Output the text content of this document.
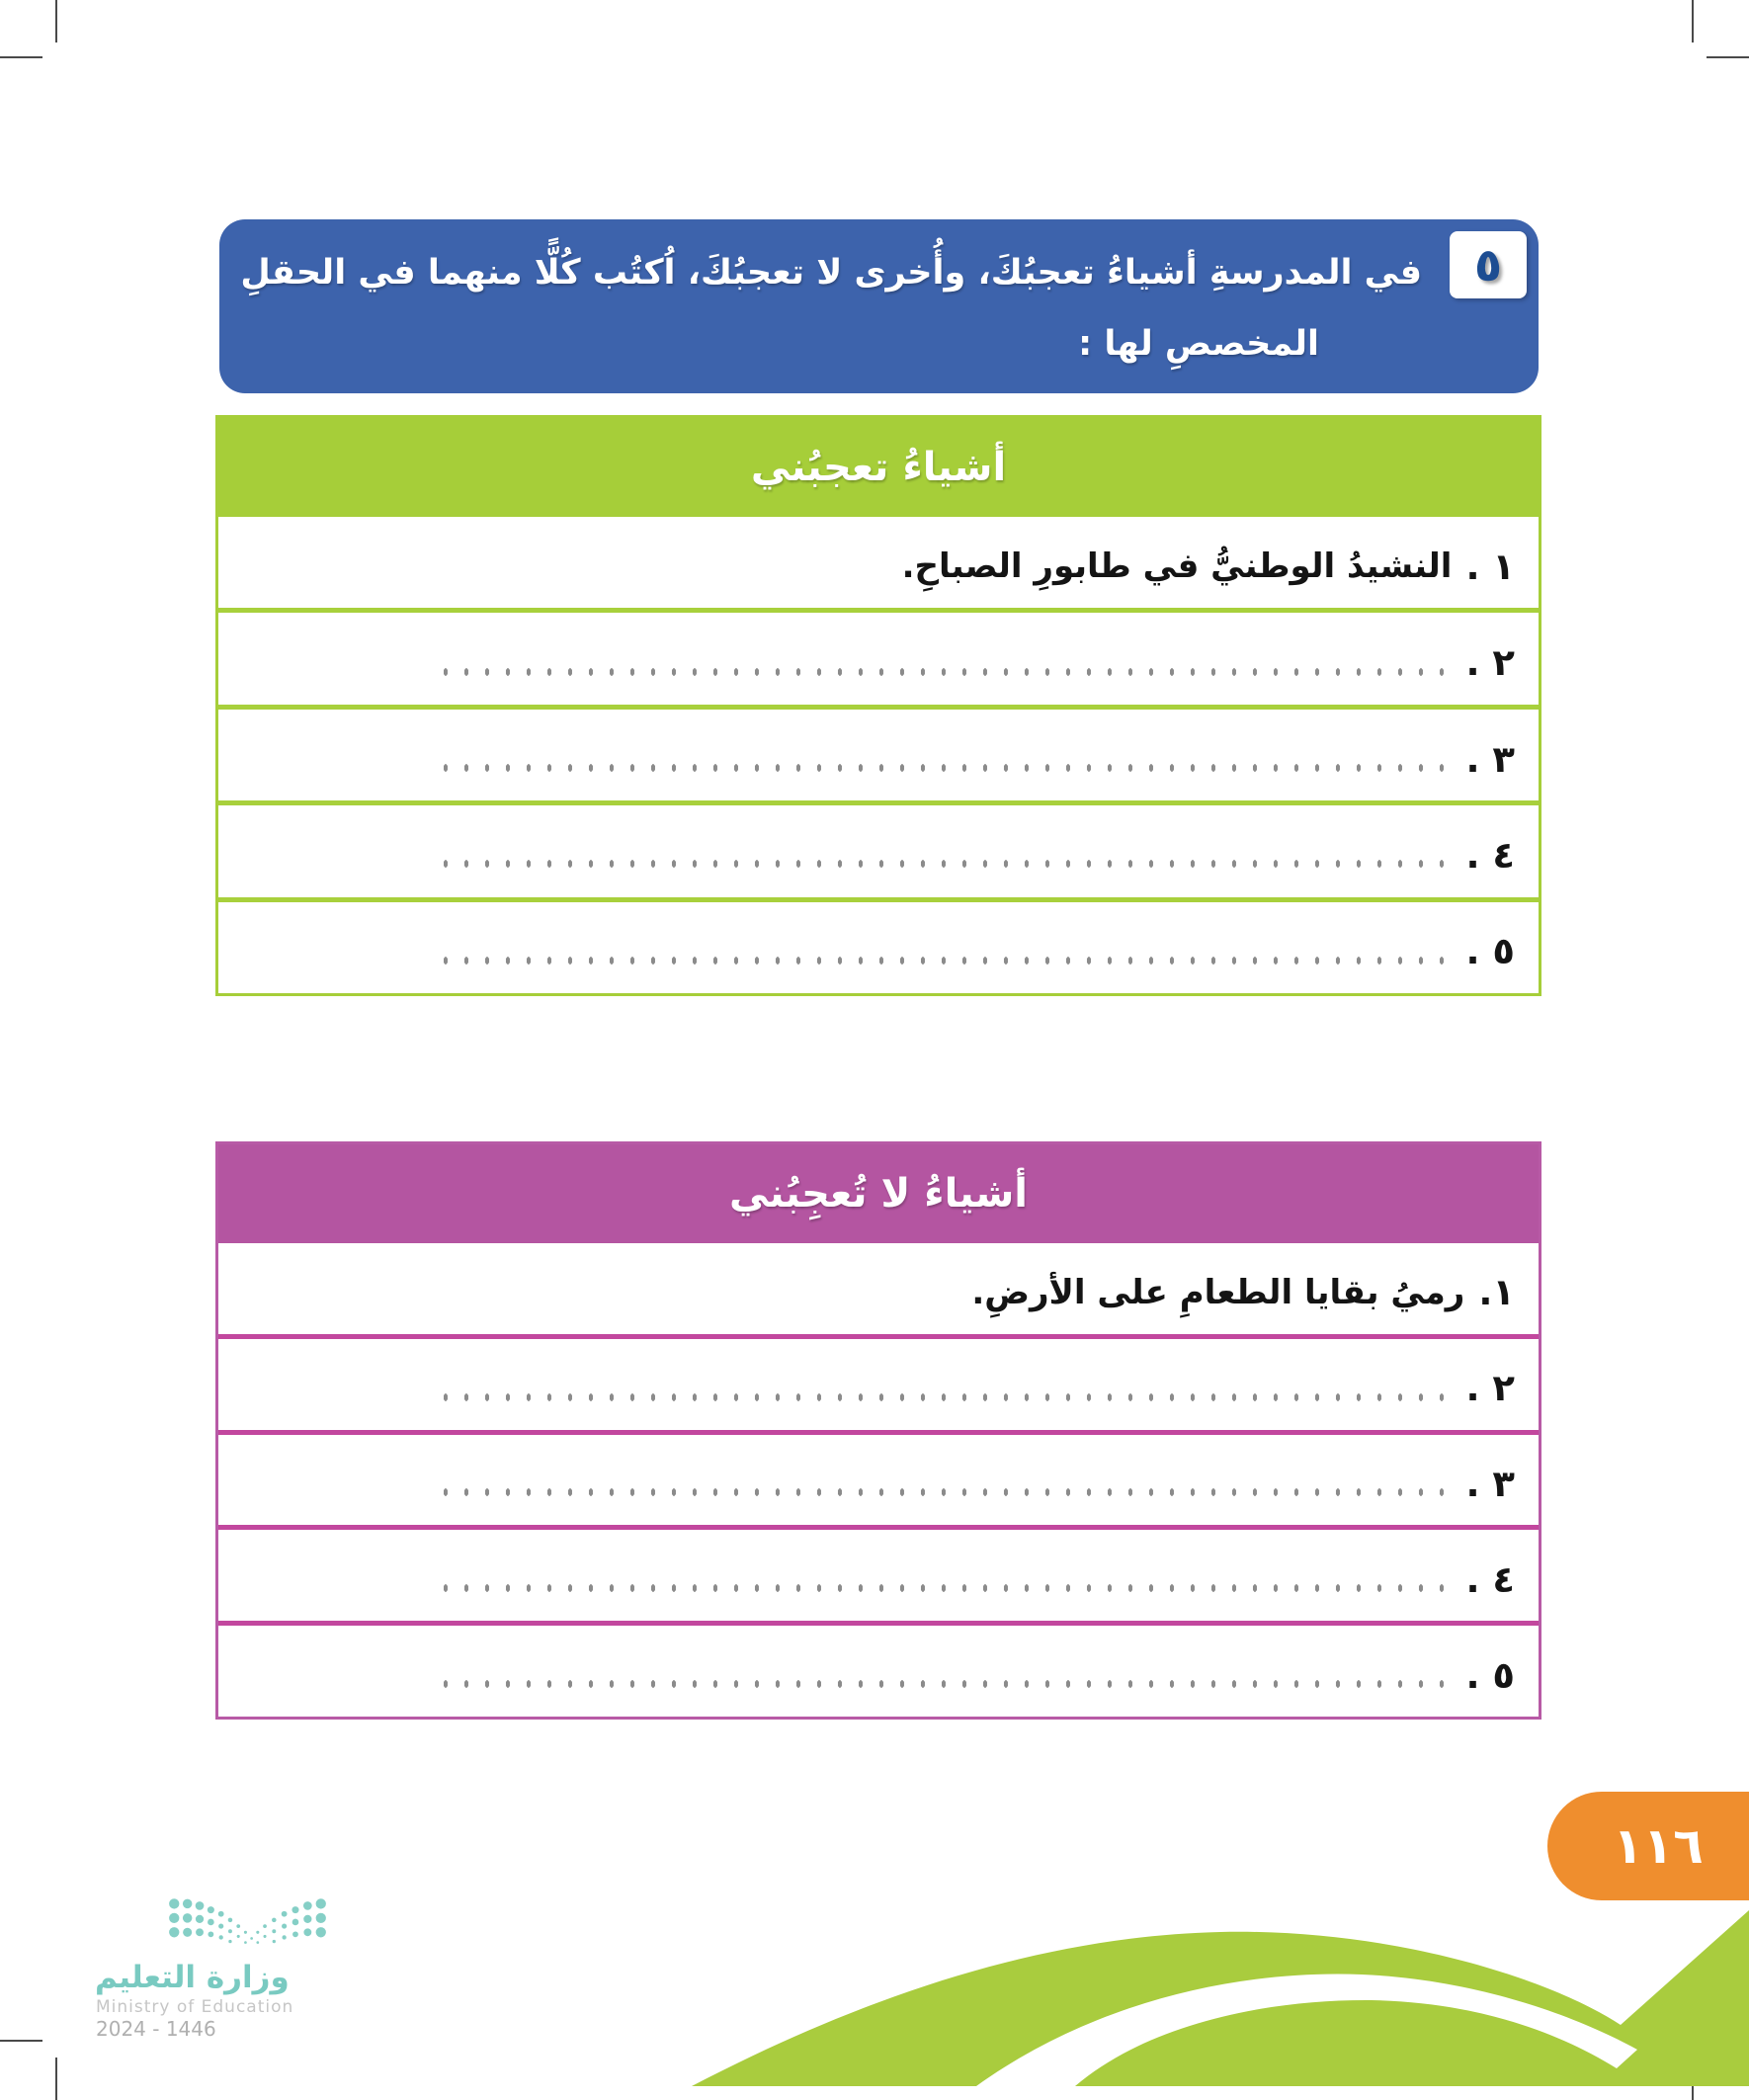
٥
في المدرسةِ أشياءُ تعجبُكَ، وأُخرى لا تعجبُكَ، اُكتُب كُلًّا منهما في الحقلِ
المخصصِ لها :
أشياءُ تعجبُني
١ .
النشيدُ الوطنيُّ في طابورِ الصباحِ.
٢ .
٣ .
٤ .
٥ .
أشياءُ لا تُعجِبُني
١.
رميُ بقايا الطعامِ على الأرضِ.
٢ .
٣ .
٤ .
٥ .
١١٦
وزارة التعليم
Ministry of Education
2024 - 1446
